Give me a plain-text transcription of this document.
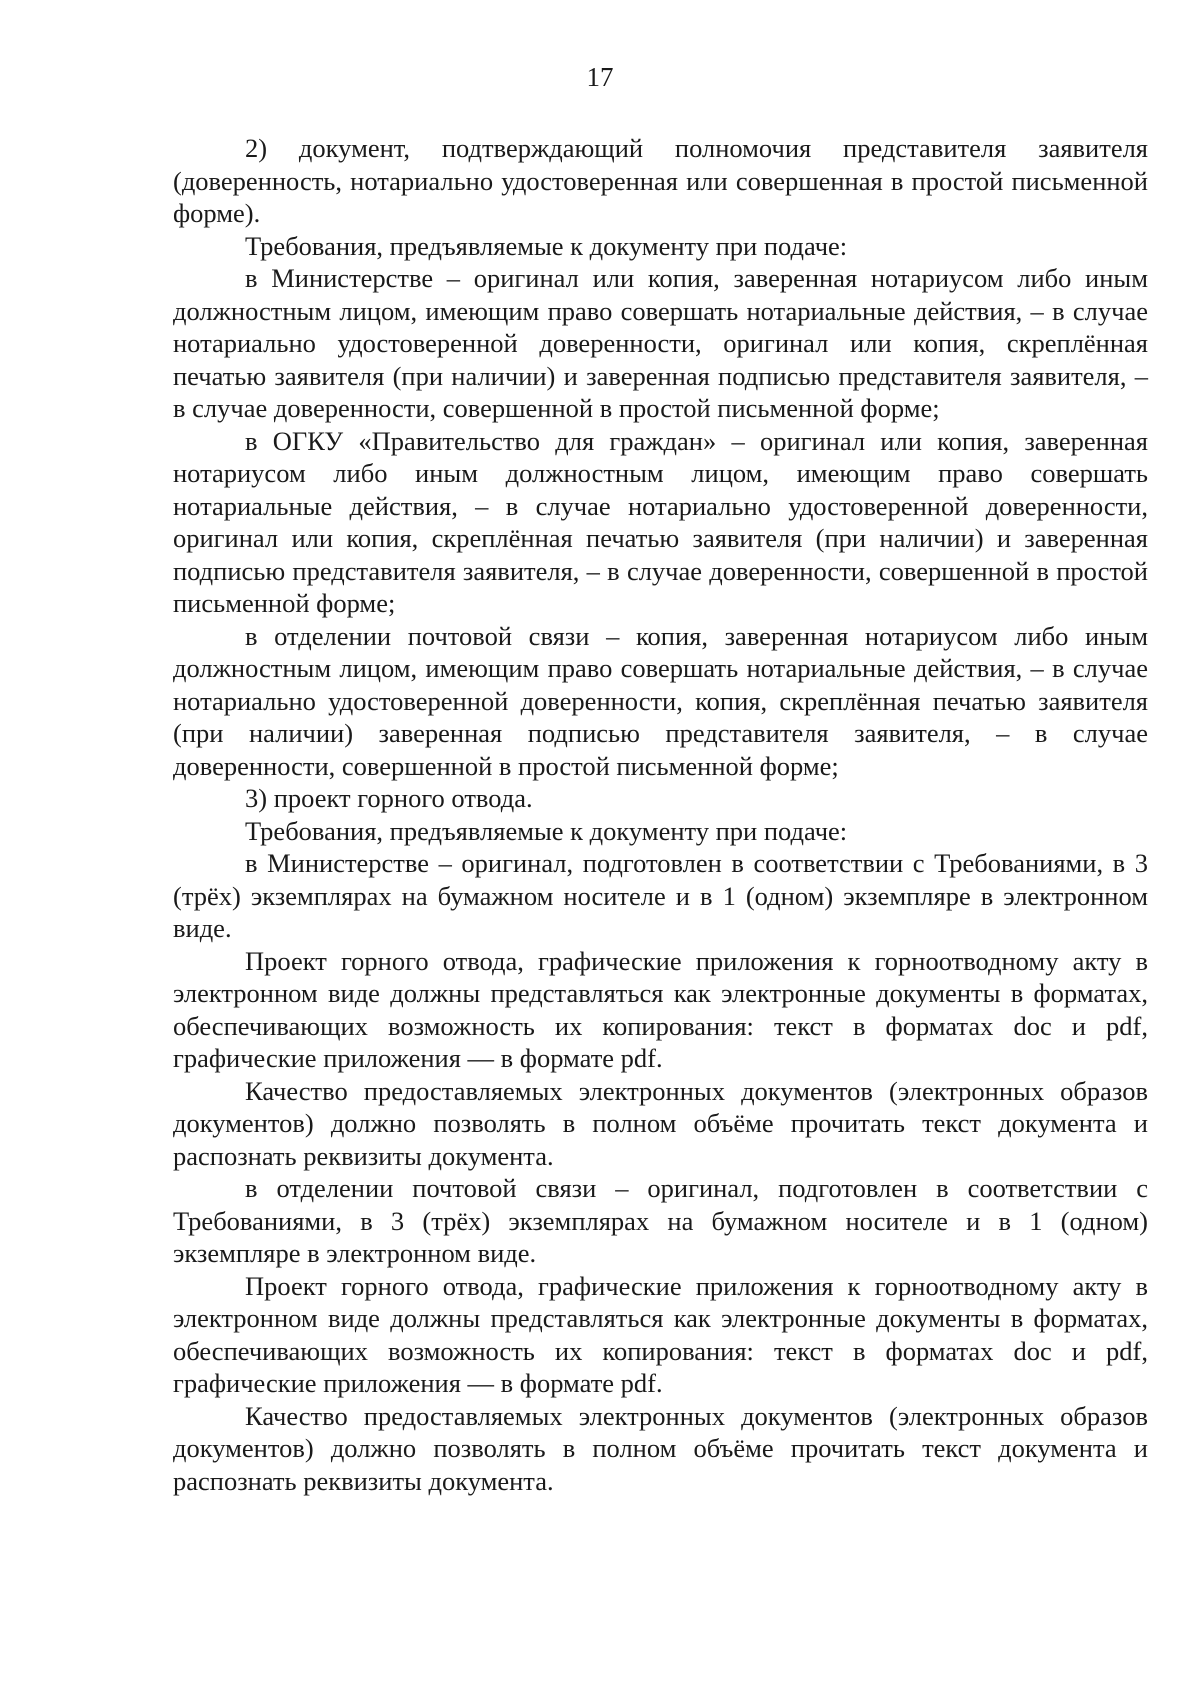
17

2) документ, подтверждающий полномочия представителя заявителя (доверенность, нотариально удостоверенная или совершенная в простой письменной форме).

Требования, предъявляемые к документу при подаче:

в Министерстве – оригинал или копия, заверенная нотариусом либо иным должностным лицом, имеющим право совершать нотариальные действия, – в случае нотариально удостоверенной доверенности, оригинал или копия, скреплённая печатью заявителя (при наличии) и заверенная подписью представителя заявителя, – в случае доверенности, совершенной в простой письменной форме;

в ОГКУ «Правительство для граждан» – оригинал или копия, заверенная нотариусом либо иным должностным лицом, имеющим право совершать нотариальные действия, – в случае нотариально удостоверенной доверенности, оригинал или копия, скреплённая печатью заявителя (при наличии) и заверенная подписью представителя заявителя, – в случае доверенности, совершенной в простой письменной форме;

в отделении почтовой связи – копия, заверенная нотариусом либо иным должностным лицом, имеющим право совершать нотариальные действия, – в случае нотариально удостоверенной доверенности, копия, скреплённая печатью заявителя (при наличии) заверенная подписью представителя заявителя, – в случае доверенности, совершенной в простой письменной форме;

3) проект горного отвода.

Требования, предъявляемые к документу при подаче:

в Министерстве – оригинал, подготовлен в соответствии с Требованиями, в 3 (трёх) экземплярах на бумажном носителе и в 1 (одном) экземпляре в электронном виде.

Проект горного отвода, графические приложения к горноотводному акту в электронном виде должны представляться как электронные документы в форматах, обеспечивающих возможность их копирования: текст в форматах doc и pdf, графические приложения — в формате pdf.

Качество предоставляемых электронных документов (электронных образов документов) должно позволять в полном объёме прочитать текст документа и распознать реквизиты документа.

в отделении почтовой связи – оригинал, подготовлен в соответствии с Требованиями, в 3 (трёх) экземплярах на бумажном носителе и в 1 (одном) экземпляре в электронном виде.

Проект горного отвода, графические приложения к горноотводному акту в электронном виде должны представляться как электронные документы в форматах, обеспечивающих возможность их копирования: текст в форматах doc и pdf, графические приложения — в формате pdf.

Качество предоставляемых электронных документов (электронных образов документов) должно позволять в полном объёме прочитать текст документа и распознать реквизиты документа.
